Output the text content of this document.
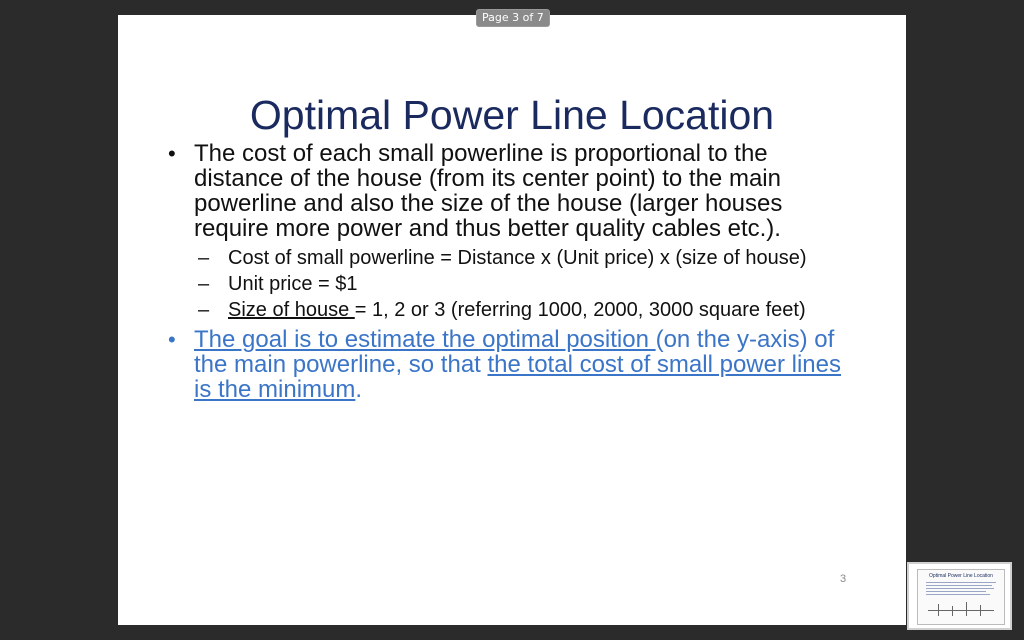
Page 3 of 7
Optimal Power Line Location
• The cost of each small powerline is proportional to the distance of the house (from its center point) to the main powerline and also the size of the house (larger houses require more power and thus better quality cables etc.).
– Cost of small powerline = Distance x (Unit price) x (size of house)
– Unit price = $1
– Size of house = 1, 2 or 3 (referring 1000, 2000, 3000 square feet)
• The goal is to estimate the optimal position (on the y-axis) of the main powerline, so that the total cost of small power lines is the minimum.
3	Optimal Power Line Location
